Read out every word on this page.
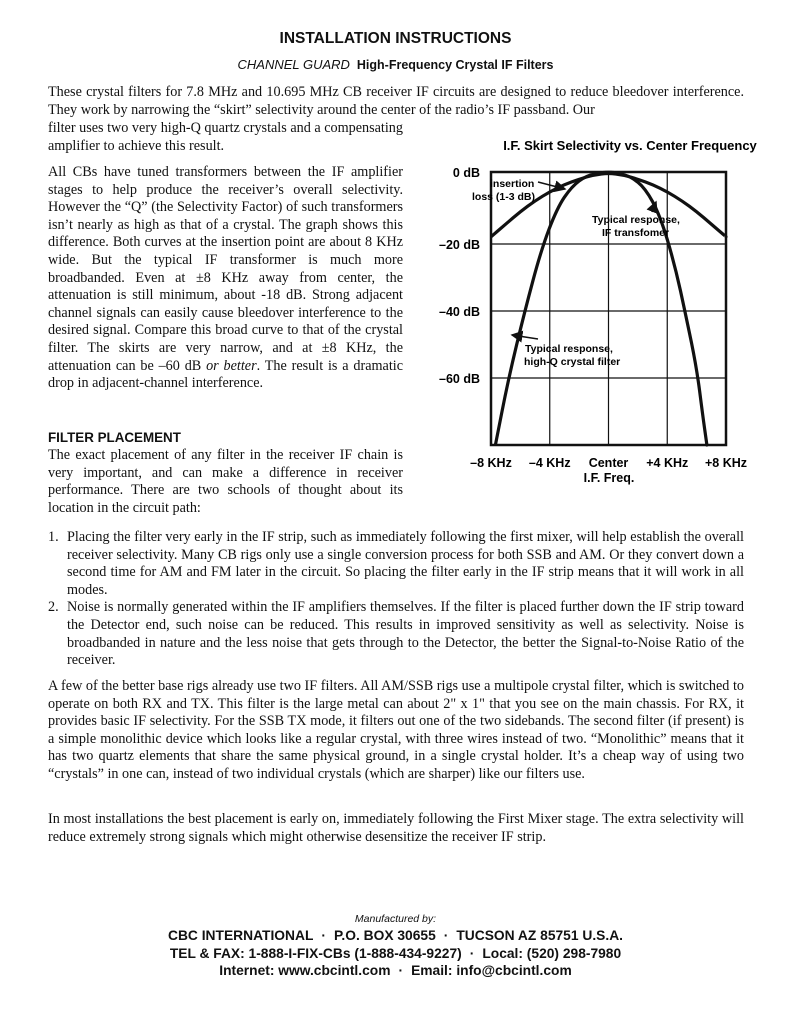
INSTALLATION INSTRUCTIONS
CHANNEL GUARD High-Frequency Crystal IF Filters
These crystal filters for 7.8 MHz and 10.695 MHz CB receiver IF circuits are designed to reduce bleedover interference. They work by narrowing the “skirt” selectivity around the center of the radio’s IF passband. Our
filter uses two very high-Q quartz crystals and a compensating amplifier to achieve this result.
All CBs have tuned transformers between the IF amplifier stages to help produce the receiver’s overall selectivity. However the “Q” (the Selectivity Factor) of such transformers isn’t nearly as high as that of a crystal. The graph shows this difference. Both curves at the insertion point are about 8 KHz wide. But the typical IF transformer is much more broadbanded. Even at ±8 KHz away from center, the attenuation is still minimum, about -18 dB. Strong adjacent channel signals can easily cause bleedover interference to the desired signal. Compare this broad curve to that of the crystal filter. The skirts are very narrow, and at ±8 KHz, the attenuation can be –60 dB or better. The result is a dramatic drop in adjacent-channel interference.
FILTER PLACEMENT
The exact placement of any filter in the receiver IF chain is very important, and can make a difference in receiver performance. There are two schools of thought about its location in the circuit path:
1. Placing the filter very early in the IF strip, such as immediately following the first mixer, will help establish the overall receiver selectivity. Many CB rigs only use a single conversion process for both SSB and AM. Or they convert down a second time for AM and FM later in the circuit. So placing the filter early in the IF strip means that it will work in all modes.
2. Noise is normally generated within the IF amplifiers themselves. If the filter is placed further down the IF strip toward the Detector end, such noise can be reduced. This results in improved sensitivity as well as selectivity. Noise is broadbanded in nature and the less noise that gets through to the Detector, the better the Signal-to-Noise Ratio of the receiver.
A few of the better base rigs already use two IF filters. All AM/SSB rigs use a multipole crystal filter, which is switched to operate on both RX and TX. This filter is the large metal can about 2" x 1" that you see on the main chassis. For RX, it provides basic IF selectivity. For the SSB TX mode, it filters out one of the two sidebands. The second filter (if present) is a simple monolithic device which looks like a regular crystal, with three wires instead of two. “Monolithic” means that it has two quartz elements that share the same physical ground, in a single crystal holder. It’s a cheap way of using two “crystals” in one can, instead of two individual crystals (which are sharper) like our filters use.
In most installations the best placement is early on, immediately following the First Mixer stage. The extra selectivity will reduce extremely strong signals which might otherwise desensitize the receiver IF strip.
I.F. Skirt Selectivity vs. Center Frequency
0 dB
–20 dB
–40 dB
–60 dB
–8 KHz –4 KHz Center +4 KHz +8 KHz
I.F. Freq.
insertion loss (1-3 dB)
Typical response, IF transfomer
Typical response, high-Q crystal filter
Manufactured by:
CBC INTERNATIONAL · P.O. BOX 30655 · TUCSON AZ 85751 U.S.A.
TEL & FAX: 1-888-I-FIX-CBs (1-888-434-9227) · Local: (520) 298-7980
Internet: www.cbcintl.com · Email: info@cbcintl.com
